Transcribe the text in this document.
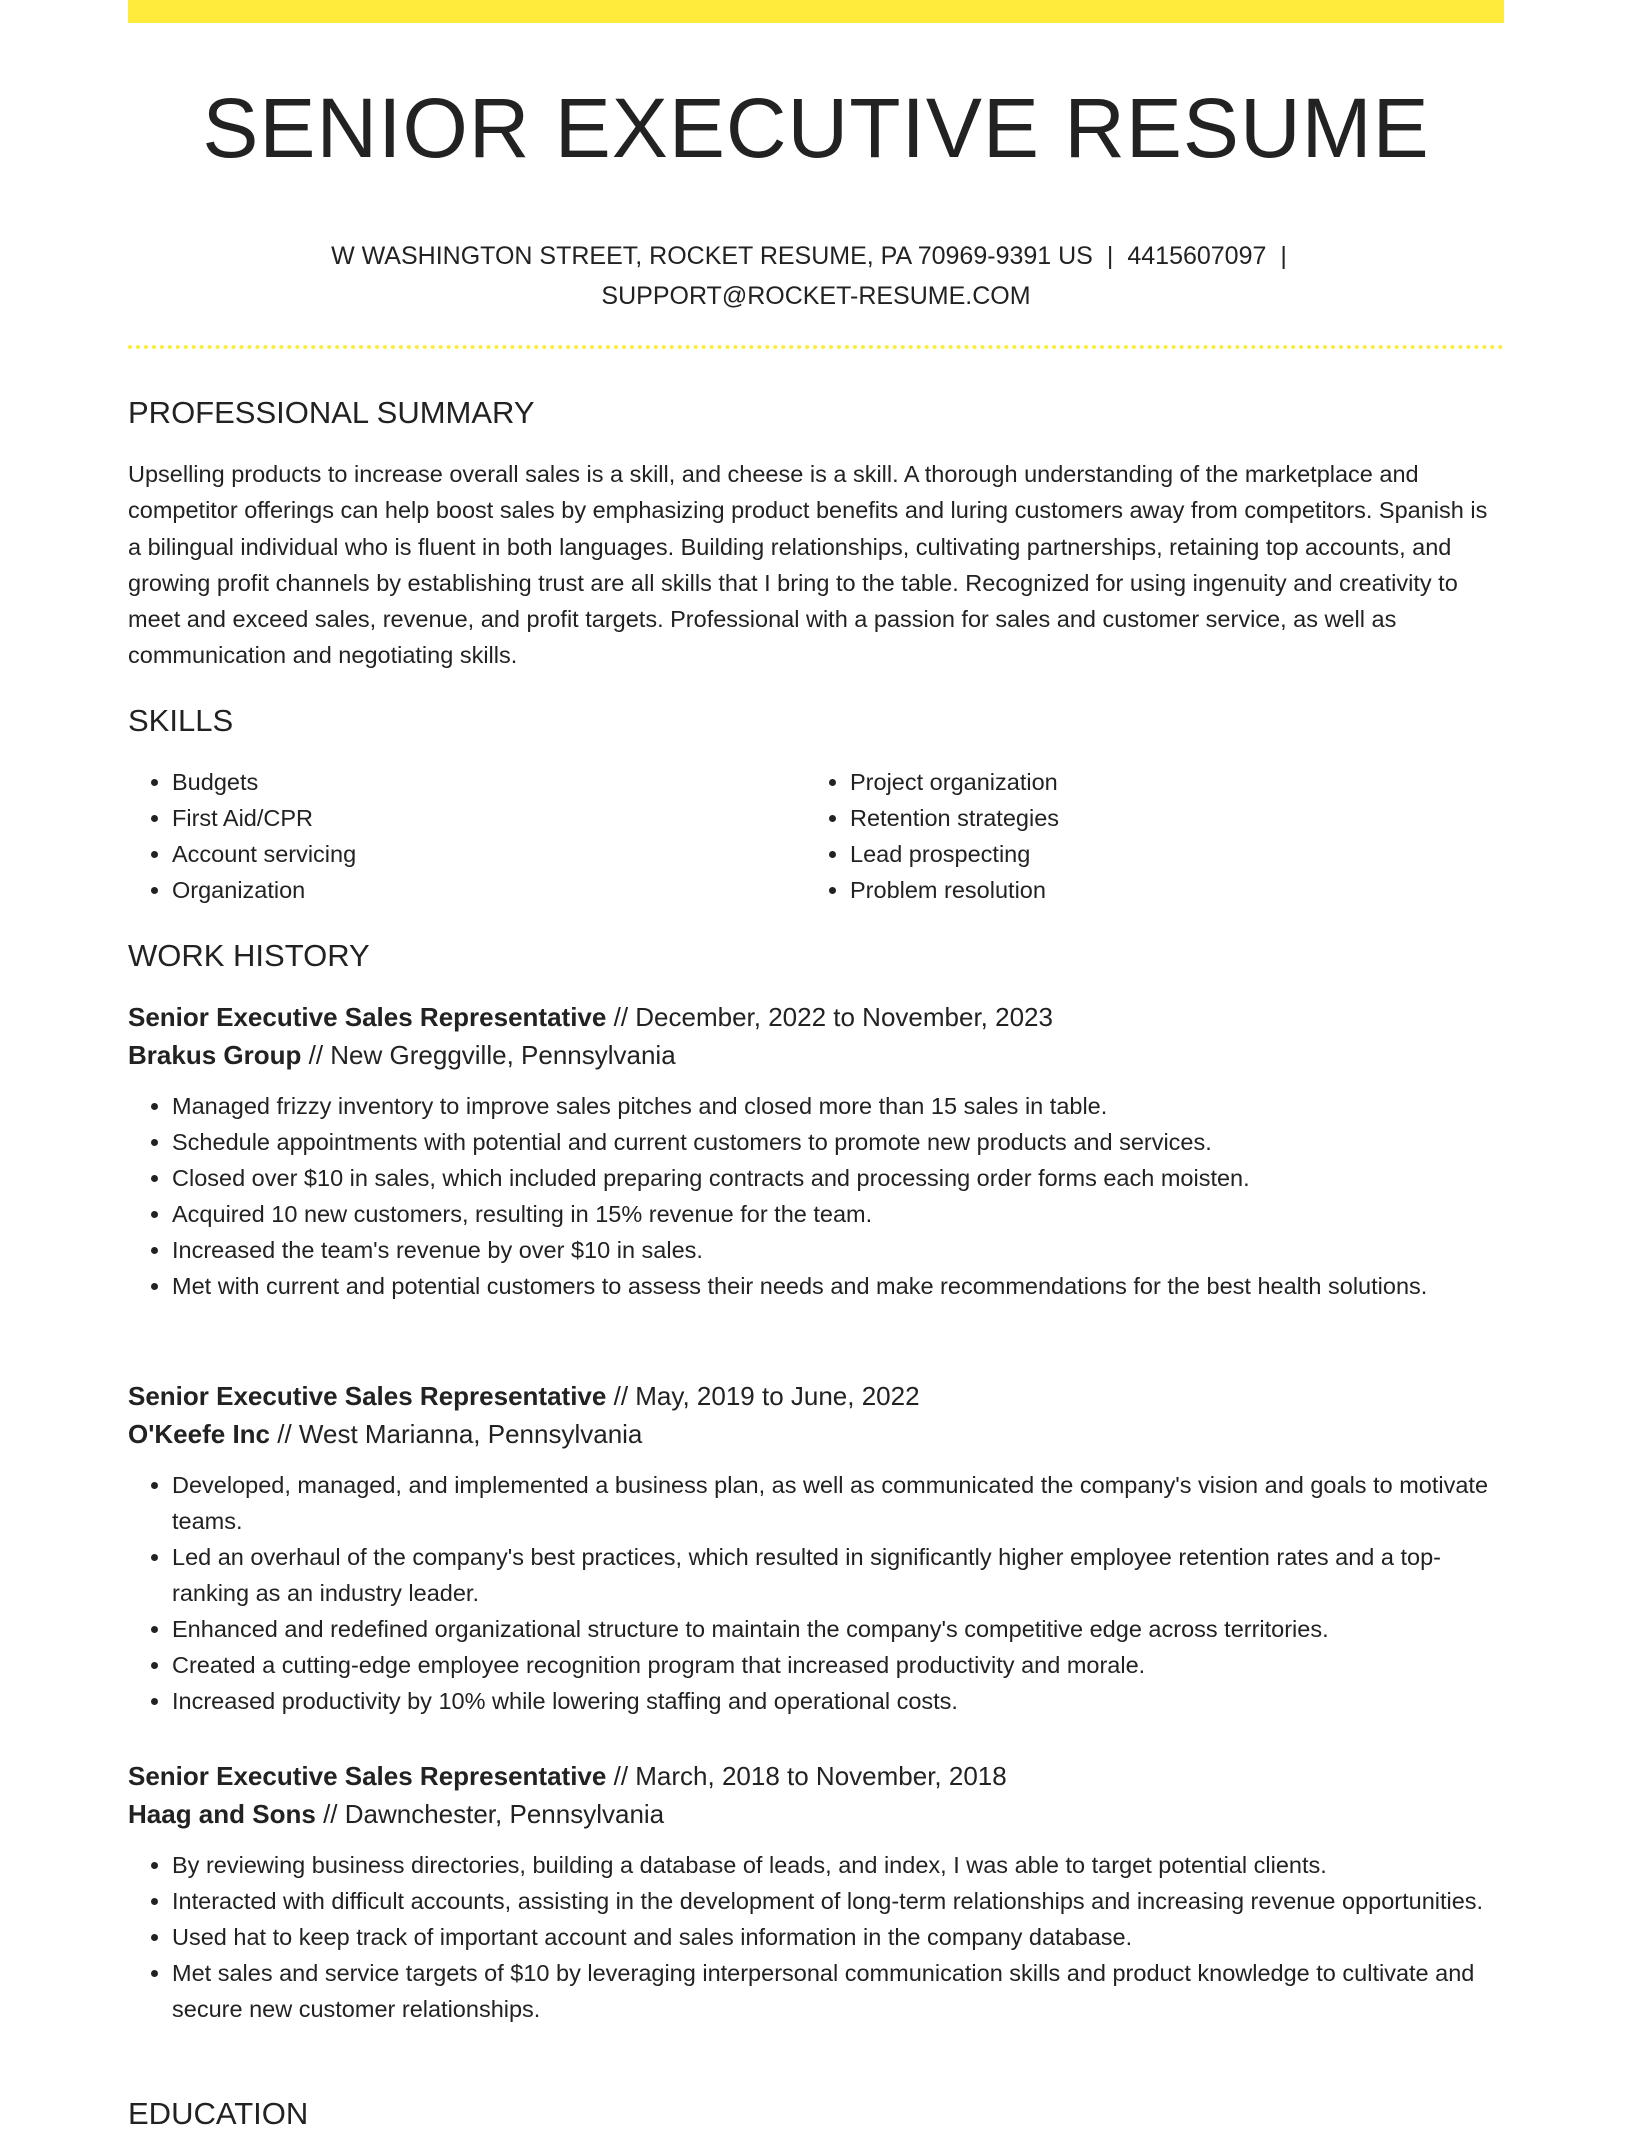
SENIOR EXECUTIVE RESUME
W WASHINGTON STREET, ROCKET RESUME, PA 70969-9391 US | 4415607097 |
SUPPORT@ROCKET-RESUME.COM
PROFESSIONAL SUMMARY

Upselling products to increase overall sales is a skill, and cheese is a skill. A thorough understanding of the marketplace and competitor offerings can help boost sales by emphasizing product benefits and luring customers away from competitors. Spanish is a bilingual individual who is fluent in both languages. Building relationships, cultivating partnerships, retaining top accounts, and growing profit channels by establishing trust are all skills that I bring to the table. Recognized for using ingenuity and creativity to meet and exceed sales, revenue, and profit targets. Professional with a passion for sales and customer service, as well as communication and negotiating skills.

SKILLS
• Budgets
• First Aid/CPR
• Account servicing
• Organization
• Project organization
• Retention strategies
• Lead prospecting
• Problem resolution
WORK HISTORY

Senior Executive Sales Representative // December, 2022 to November, 2023

Brakus Group // New Greggville, Pennsylvania

• Managed frizzy inventory to improve sales pitches and closed more than 15 sales in table.
• Schedule appointments with potential and current customers to promote new products and services.
• Closed over $10 in sales, which included preparing contracts and processing order forms each moisten.
• Acquired 10 new customers, resulting in 15% revenue for the team.
• Increased the team's revenue by over $10 in sales.
• Met with current and potential customers to assess their needs and make recommendations for the best health solutions.

Senior Executive Sales Representative // May, 2019 to June, 2022

O'Keefe Inc // West Marianna, Pennsylvania

• Developed, managed, and implemented a business plan, as well as communicated the company's vision and goals to motivate teams.
• Led an overhaul of the company's best practices, which resulted in significantly higher employee retention rates and a top-ranking as an industry leader.
• Enhanced and redefined organizational structure to maintain the company's competitive edge across territories.
• Created a cutting-edge employee recognition program that increased productivity and morale.
• Increased productivity by 10% while lowering staffing and operational costs.

Senior Executive Sales Representative // March, 2018 to November, 2018

Haag and Sons // Dawnchester, Pennsylvania

• By reviewing business directories, building a database of leads, and index, I was able to target potential clients.
• Interacted with difficult accounts, assisting in the development of long-term relationships and increasing revenue opportunities.
• Used hat to keep track of important account and sales information in the company database.
• Met sales and service targets of $10 by leveraging interpersonal communication skills and product knowledge to cultivate and secure new customer relationships.
EDUCATION
